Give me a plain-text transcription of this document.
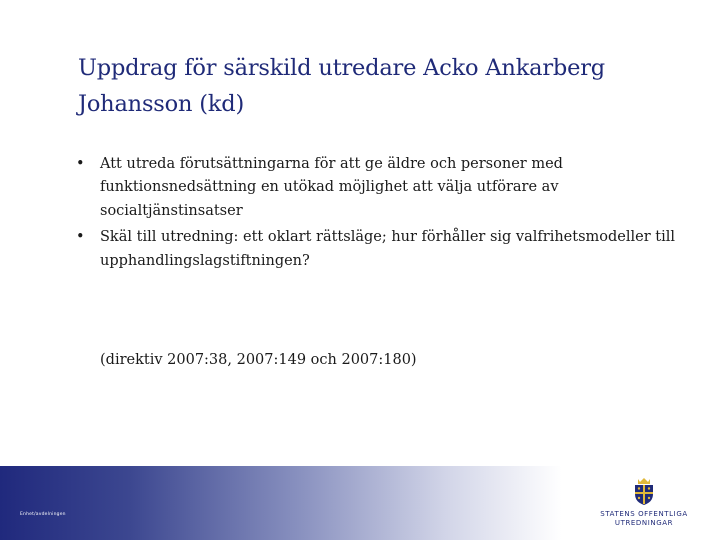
Uppdrag för särskild utredare Acko Ankarberg Johansson (kd)
• Att utreda förutsättningarna för att ge äldre och personer med funktionsnedsättning en utökad möjlighet att välja utförare av socialtjänstinsatser
• Skäl till utredning: ett oklart rättsläge; hur förhåller sig valfrihetsmodeller till upphandlingslagstiftningen?
(direktiv 2007:38, 2007:149 och 2007:180)
Enhet/avdelningen	STATENS OFFENTLIGA
UTREDNINGAR
